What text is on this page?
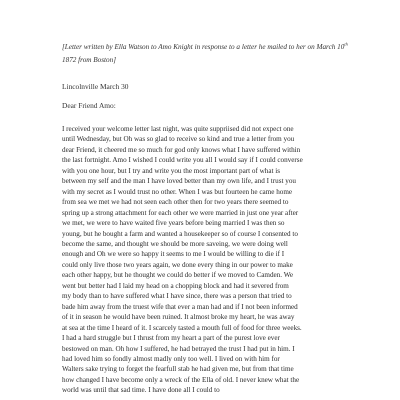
[Letter written by Ella Watson to Amo Knight in response to a letter he mailed to her on March 10th 1872 from Boston]
Lincolnville March 30
Dear Friend Amo:
I received your welcome letter last night, was quite suppriised did not expect one
until Wednesday, but Oh was so glad to receive so kind and true a letter from you
dear Friend, it cheered me so much for god only knows what I have suffered within
the last fortnight. Amo I wished I could write you all I would say if I could converse
with you one hour, but I try and write you the most important part of what is
between my self and the man I have loved better than my own life, and I trust you
with my secret as I would trust no other. When I was but fourteen he came home
from sea we met we had not seen each other then for two years there seemed to
spring up a strong attachment for each other we were married in just one year after
we met, we were to have waited five years before being married I was then so
young, but he bought a farm and wanted a housekeeper so of course I consented to
become the same, and thought we should be more saveing, we were doing well
enough and Oh we were so happy it seems to me I would be willing to die if I
could only live those two years again, we done every thing in our power to make
each other happy, but he thought we could do better if we moved to Camden. We
went but better had I laid my head on a chopping block and had it severed from
my body than to have suffered what I have since, there was a person that tried to
bade him away from the truest wife that ever a man had and if I not been informed
of it in season he would have been ruined. It almost broke my heart, he was away
at sea at the time I heard of it. I scarcely tasted a mouth full of food for three weeks.
I had a hard struggle but I thrust from my heart a part of the purest love ever
bestowed on man. Oh how I suffered, he had betrayed the trust I had put in him. I
had loved him so fondly almost madly only too well. I lived on with him for
Walters sake trying to forget the fearfull stab he had given me, but from that time
how changed I have become only a wreck of the Ella of old. I never knew what the
world was until that sad time. I have done all I could to
